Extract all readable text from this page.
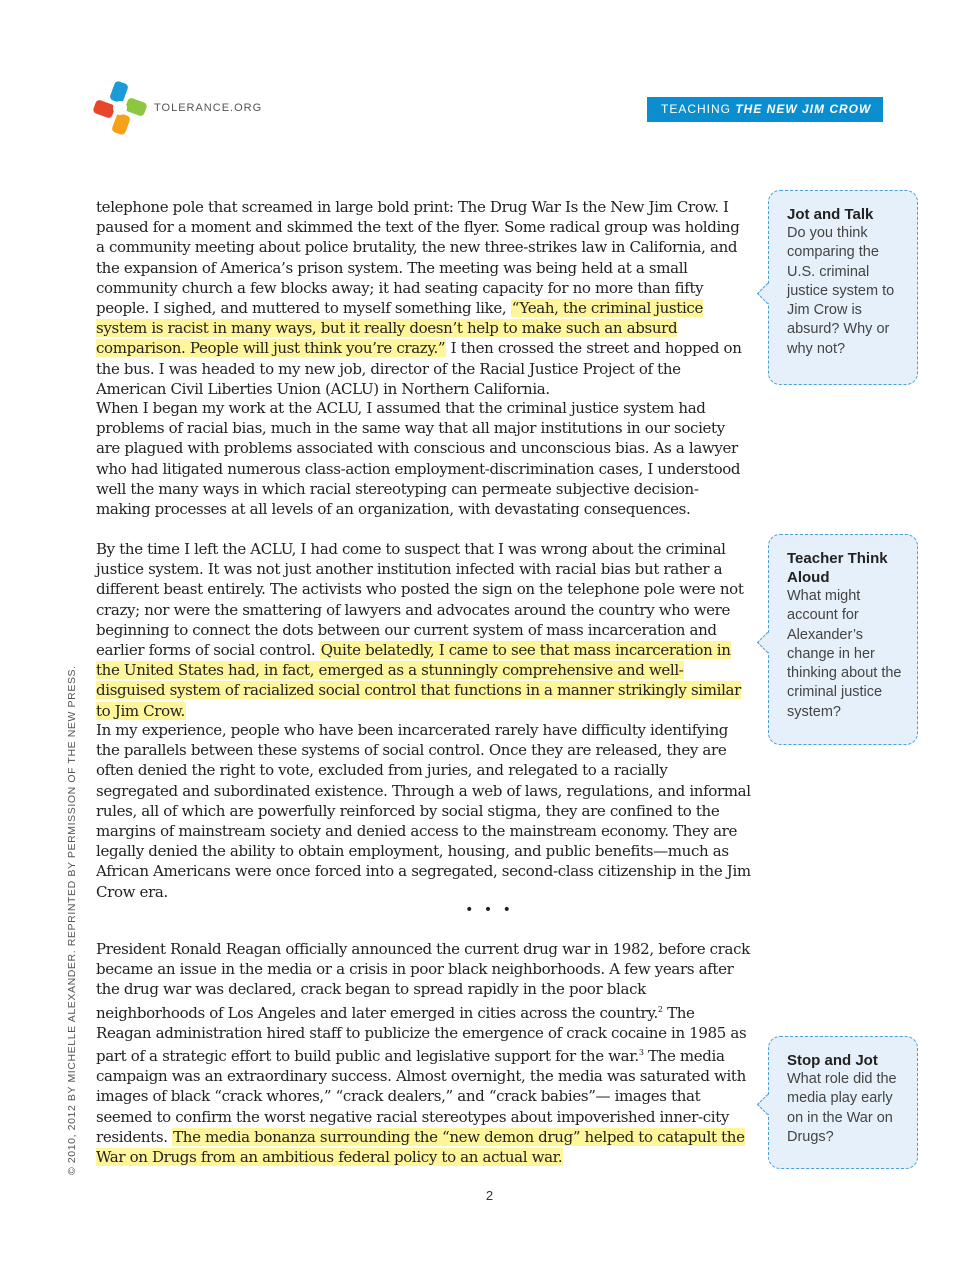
TOLERANCE.ORG	TEACHING THE NEW JIM CROW

telephone pole that screamed in large bold print: The Drug War Is the New Jim Crow. I paused for a moment and skimmed the text of the flyer. Some radical group was holding a community meeting about police brutality, the new three-strikes law in California, and the expansion of America’s prison system. The meeting was being held at a small community church a few blocks away; it had seating capacity for no more than fifty people. I sighed, and muttered to myself something like, “Yeah, the criminal justice system is racist in many ways, but it really doesn’t help to make such an absurd comparison. People will just think you’re crazy.” I then crossed the street and hopped on the bus. I was headed to my new job, director of the Racial Justice Project of the American Civil Liberties Union (ACLU) in Northern California.

When I began my work at the ACLU, I assumed that the criminal justice system had problems of racial bias, much in the same way that all major institutions in our society are plagued with problems associated with conscious and unconscious bias. As a lawyer who had litigated numerous class-action employment-discrimination cases, I understood well the many ways in which racial stereotyping can permeate subjective decision-making processes at all levels of an organization, with devastating consequences.

By the time I left the ACLU, I had come to suspect that I was wrong about the criminal justice system. It was not just another institution infected with racial bias but rather a different beast entirely. The activists who posted the sign on the telephone pole were not crazy; nor were the smattering of lawyers and advocates around the country who were beginning to connect the dots between our current system of mass incarceration and earlier forms of social control. Quite belatedly, I came to see that mass incarceration in the United States had, in fact, emerged as a stunningly comprehensive and well-disguised system of racialized social control that functions in a manner strikingly similar to Jim Crow.

In my experience, people who have been incarcerated rarely have difficulty identifying the parallels between these systems of social control. Once they are released, they are often denied the right to vote, excluded from juries, and relegated to a racially segregated and subordinated existence. Through a web of laws, regulations, and informal rules, all of which are powerfully reinforced by social stigma, they are confined to the margins of mainstream society and denied access to the mainstream economy. They are legally denied the ability to obtain employment, housing, and public benefits—much as African Americans were once forced into a segregated, second-class citizenship in the Jim Crow era.

• • •

President Ronald Reagan officially announced the current drug war in 1982, before crack became an issue in the media or a crisis in poor black neighborhoods. A few years after the drug war was declared, crack began to spread rapidly in the poor black neighborhoods of Los Angeles and later emerged in cities across the country.$^2$ The Reagan administration hired staff to publicize the emergence of crack cocaine in 1985 as part of a strategic effort to build public and legislative support for the war.$^3$ The media campaign was an extraordinary success. Almost overnight, the media was saturated with images of black “crack whores,” “crack dealers,” and “crack babies”— images that seemed to confirm the worst negative racial stereotypes about impoverished inner-city residents. The media bonanza surrounding the “new demon drug” helped to catapult the War on Drugs from an ambitious federal policy to an actual war.

Jot and Talk
Do you think comparing the U.S. criminal justice system to Jim Crow is absurd? Why or why not?
Teacher Think Aloud
What might account for Alexander’s change in her thinking about the criminal justice system?
Stop and Jot
What role did the media play early on in the War on Drugs?
© 2010, 2012 BY MICHELLE ALEXANDER. REPRINTED BY PERMISSION OF THE NEW PRESS.
2
